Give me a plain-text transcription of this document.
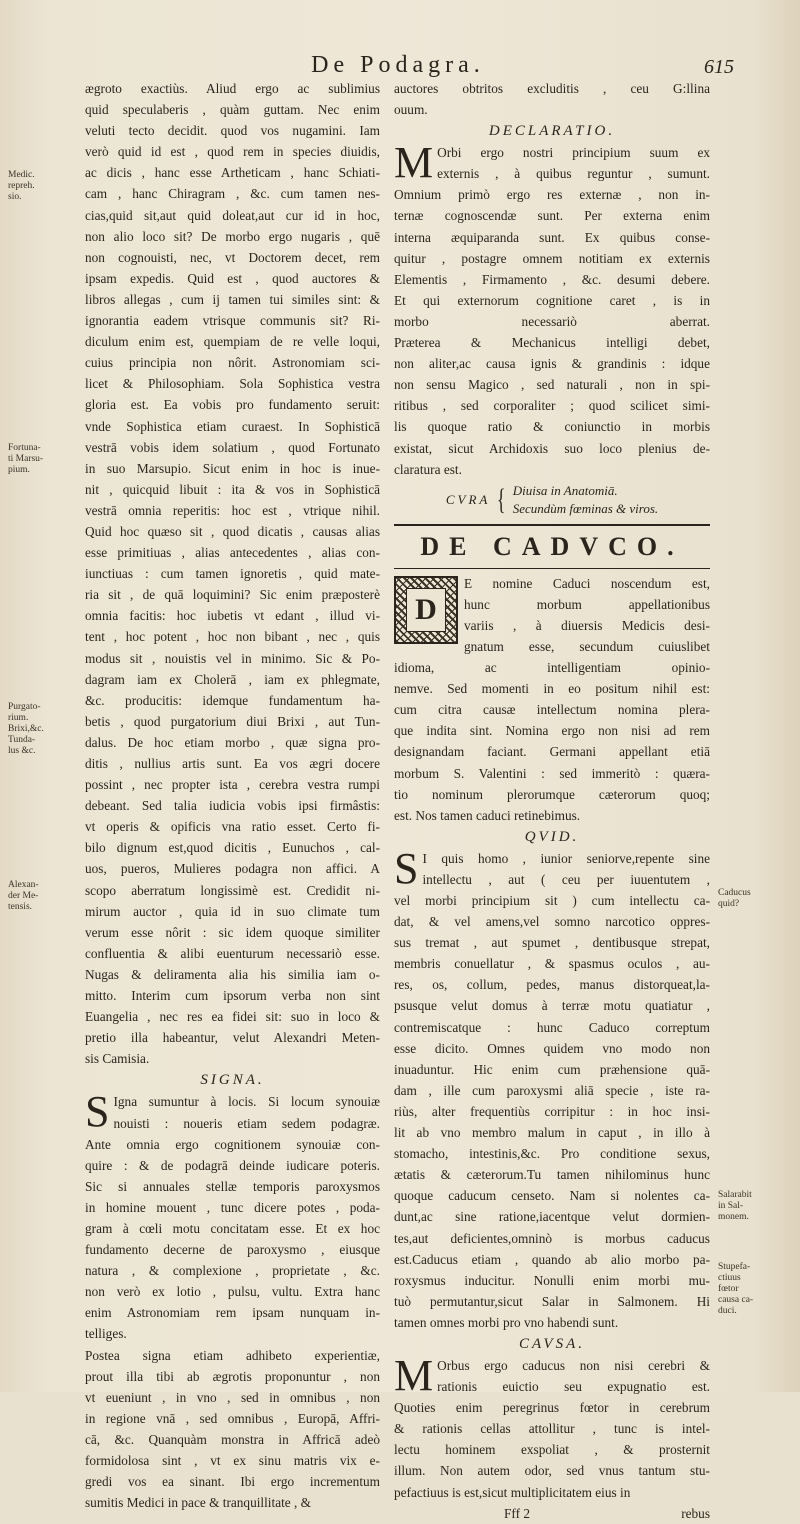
De Podagra.	615
ægroto exactiùs. Aliud ergo ac sublimius
quid speculaberis , quàm guttam. Nec enim
veluti tecto decidit. quod vos nugamini. Iam
verò quid id est , quod rem in species diuidis,
ac dicis , hanc esse Artheticam , hanc Schiati-
cam , hanc Chiragram , &c. cum tamen nes-
cias,quid sit,aut quid doleat,aut cur id in hoc,
non alio loco sit? De morbo ergo nugaris , quē
non cognouisti, nec, vt Doctorem decet, rem
ipsam expedis. Quid est , quod auctores &
libros allegas , cum ij tamen tui similes sint: &
ignorantia eadem vtrisque communis sit? Ri-
diculum enim est, quempiam de re velle loqui,
cuius principia non nôrit. Astronomiam sci-
licet & Philosophiam. Sola Sophistica vestra
gloria est. Ea vobis pro fundamento seruit:
vnde Sophistica etiam curaest. In Sophisticā
vestrā vobis idem solatium , quod Fortunato
in suo Marsupio. Sicut enim in hoc is inue-
nit , quicquid libuit : ita & vos in Sophisticā
vestrā omnia reperitis: hoc est , vtrique nihil.
Quid hoc quæso sit , quod dicatis , causas alias
esse primitiuas , alias antecedentes , alias con-
iunctiuas : cum tamen ignoretis , quid mate-
ria sit , de quā loquimini? Sic enim præposterè
omnia facitis: hoc iubetis vt edant , illud vi-
tent , hoc potent , hoc non bibant , nec , quis
modus sit , nouistis vel in minimo. Sic & Po-
dagram iam ex Cholerā , iam ex phlegmate,
&c. producitis: idemque fundamentum ha-
betis , quod purgatorium diui Brixi , aut Tun-
dalus. De hoc etiam morbo , quæ signa pro-
ditis , nullius artis sunt. Ea vos ægri docere
possint , nec propter ista , cerebra vestra rumpi
debeant. Sed talia iudicia vobis ipsi firmâstis:
vt operis & opificis vna ratio esset. Certo fi-
bilo dignum est,quod dicitis , Eunuchos , cal-
uos, pueros, Mulieres podagra non affici. A
scopo aberratum longissimè est. Credidit ni-
mirum auctor , quia id in suo climate tum
verum esse nôrit : sic idem quoque similiter
confluentia & alibi euenturum necessariò esse.
Nugas & deliramenta alia his similia iam o-
mitto. Interim cum ipsorum verba non sint
Euangelia , nec res ea fidei sit: suo in loco &
pretio illa habeantur, velut Alexandri Meten-
sis Camisia.
SIGNA.
S Igna sumuntur à locis. Si locum synouiæ
nouisti : noueris etiam sedem podagræ.
Ante omnia ergo cognitionem synouiæ con-
quire : & de podagrā deinde iudicare poteris.
Sic si annuales stellæ temporis paroxysmos
in homine mouent , tunc dicere potes , poda-
gram à cœli motu concitatam esse. Et ex hoc
fundamento decerne de paroxysmo , eiusque
natura , & complexione , proprietate , &c.
non verò ex lotio , pulsu, vultu. Extra hanc
enim Astronomiam rem ipsam nunquam in-
telliges.
Postea signa etiam adhibeto experientiæ,
prout illa tibi ab ægrotis proponuntur , non
vt eueniunt , in vno , sed in omnibus , non
in regione vnā , sed omnibus , Europā, Affri-
cā, &c. Quanquàm monstra in Affricā adeò
formidolosa sint , vt ex sinu matris vix e-
gredi vos ea sinant. Ibi ergo incrementum
sumitis Medici in pace & tranquillitate , &
auctores obtritos excluditis , ceu G:llina
ouum.
DECLARATIO.
M Orbi ergo nostri principium suum ex
externis , à quibus reguntur , sumunt.
Omnium primò ergo res externæ , non in-
ternæ cognoscendæ sunt. Per externa enim
interna æquiparanda sunt. Ex quibus conse-
quitur , postagre omnem notitiam ex externis
Elementis , Firmamento , &c. desumi debere.
Et qui externorum cognitione caret , is in
morbo necessariò aberrat.
Præterea & Mechanicus intelligi debet,
non aliter,ac causa ignis & grandinis : idque
non sensu Magico , sed naturali , non in spi-
ritibus , sed corporaliter ; quod scilicet simi-
lis quoque ratio & coniunctio in morbis
existat, sicut Archidoxis suo loco plenius de-
claratura est.
CVRA { Diuisa in Anatomiā.
Secundùm fœminas & viros.
DE CADVCO.
D
E nomine Caduci noscendum est,
hunc morbum appellationibus
variis , à diuersis Medicis desi-
gnatum esse, secundum cuiuslibet
idioma, ac intelligentiam opinio-
nemve. Sed momenti in eo positum nihil est:
cum citra causæ intellectum nomina plera-
que indita sint. Nomina ergo non nisi ad rem
designandam faciant. Germani appellant etiā
morbum S. Valentini : sed immeritò : quæra-
tio nominum plerorumque cæterorum quoq;
est. Nos tamen caduci retinebimus.
QVID.
S I quis homo , iunior seniorve,repente sine
intellectu , aut ( ceu per iuuentutem ,
vel morbi principium sit ) cum intellectu ca-
dat, & vel amens,vel somno narcotico oppres-
sus tremat , aut spumet , dentibusque strepat,
membris conuellatur , & spasmus oculos , au-
res, os, collum, pedes, manus distorqueat,la-
psusque velut domus à terræ motu quatiatur ,
contremiscatque : hunc Caduco correptum
esse dicito. Omnes quidem vno modo non
inuaduntur. Hic enim cum præhensione quā-
dam , ille cum paroxysmi aliā specie , iste ra-
riùs, alter frequentiùs corripitur : in hoc insi-
lit ab vno membro malum in caput , in illo à
stomacho, intestinis,&c. Pro conditione sexus,
ætatis & cæterorum.Tu tamen nihilominus hunc
quoque caducum censeto. Nam si nolentes ca-
dunt,ac sine ratione,iacentque velut dormien-
tes,aut deficientes,omninò is morbus caducus
est.Caducus etiam , quando ab alio morbo pa-
roxysmus inducitur. Nonulli enim morbi mu-
tuò permutantur,sicut Salar in Salmonem. Hi
tamen omnes morbi pro vno habendi sunt.
CAVSA.
M Orbus ergo caducus non nisi cerebri &
rationis euictio seu expugnatio est.
Quoties enim peregrinus fœtor in cerebrum
& rationis cellas attollitur , tunc is intel-
lectu hominem exspoliat , & prosternit
illum. Non autem odor, sed vnus tantum stu-
pefactiuus is est,sicut multiplicitatem eius in
Fff 2	rebus
Medic.
repreh.
sio.
Fortuna-
ti Marsu-
pium.
Purgato-
rium.
Brixi,&c.
Tunda-
lus &c.
Alexan-
der Me-
tensis.
Caducus
quid?
Salarabit
in Sal-
monem.
Stupefa-
ctiuus
fœtor
causa ca-
duci.
